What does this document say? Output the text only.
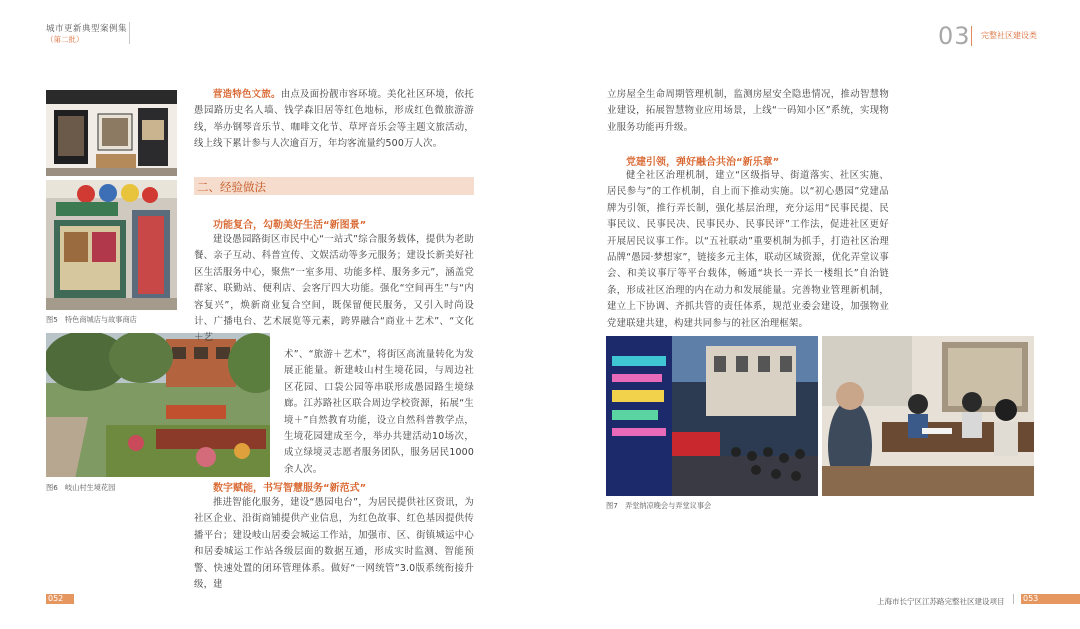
城市更新典型案例集
（第二批）	03 完整社区建设类
图5　特色商城店与故事商店
图6　岐山村生境花园
营造特色文旅。由点及面扮靓市容环境。美化社区环境，依托愚园路历史名人墙、钱学森旧居等红色地标，形成红色微旅游游线，举办钢琴音乐节、咖啡文化节、草坪音乐会等主题文旅活动，线上线下累计参与人次逾百万，年均客流量约500万人次。
二、经验做法
功能复合，勾勒美好生活“新图景”
建设愚园路街区市民中心“一站式”综合服务载体，提供为老助餐、亲子互动、科普宣传、文娱活动等多元服务；建设长新美好社区生活服务中心，聚焦“一室多用、功能多样、服务多元”，涵盖党群家、联勤站、便利店、会客厅四大功能。强化“空间再生”与“内容复兴”，焕新商业复合空间，既保留便民服务，又引入时尚设计、广播电台、艺术展览等元素，跨界融合“商业＋艺术”、“文化＋艺
术”、“旅游＋艺术”，将街区高流量转化为发展正能量。新建岐山村生境花园，与周边社区花园、口袋公园等串联形成愚园路生境绿廊。江苏路社区联合周边学校资源，拓展“生境＋”自然教育功能，设立自然科普教学点，生境花园建成至今，举办共建活动10场次，成立绿境灵志愿者服务团队，服务居民1000余人次。
数字赋能，书写智慧服务“新范式”
推进智能化服务，建设“愚园电台”，为居民提供社区资讯，为社区企业、沿街商铺提供产业信息，为红色故事、红色基因提供传播平台；建设岐山居委会城运工作站，加强市、区、街镇城运中心和居委城运工作站各级层面的数据互通，形成实时监测、智能预警、快速处置的闭环管理体系。做好“一网统管”3.0版系统衔接升级，建
立房屋全生命周期管理机制，监测房屋安全隐患情况，推动智慧物业建设，拓展智慧物业应用场景，上线“一码知小区”系统，实现物业服务功能再升级。
党建引领，弹好融合共治“新乐章”
健全社区治理机制，建立“区级指导、街道落实、社区实施、居民参与”的工作机制，自上而下推动实施。以“初心愚园”党建品牌为引领，推行弄长制，强化基层治理，充分运用“民事民提、民事民议、民事民决、民事民办、民事民评”工作法，促进社区更好开展居民议事工作。以“五社联动”重要机制为抓手，打造社区治理品牌“愚园·梦想家”，链接多元主体，联动区域资源，优化弄堂议事会、和美议事厅等平台载体，畅通“块长一弄长一楼组长”自治链条，形成社区治理的内在动力和发展能量。完善物业管理新机制，建立上下协调、齐抓共管的责任体系，规范业委会建设，加强物业党建联建共建，构建共同参与的社区治理框架。
图7　弄堂纳凉晚会与弄堂议事会
052	上海市长宁区江苏路完整社区建设项目 053
